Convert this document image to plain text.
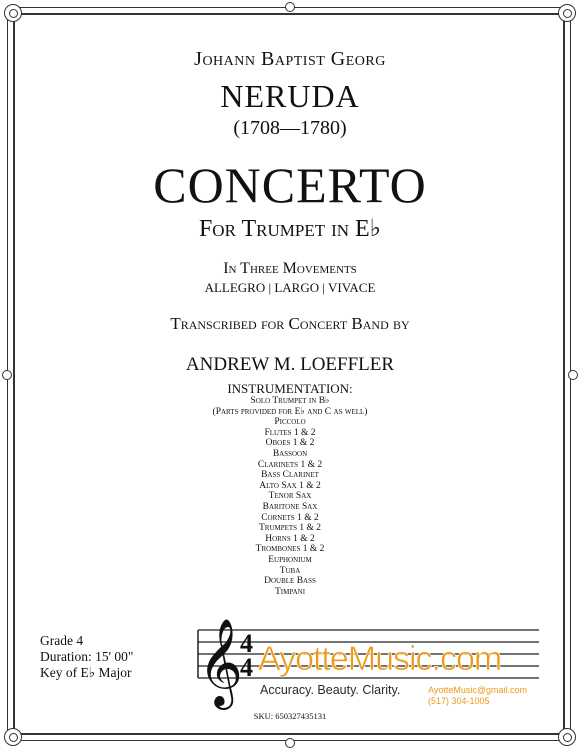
Johann Baptist Georg
NERUDA
(1708—1780)
CONCERTO
For Trumpet in E♭
In Three Movements
ALLEGRO | LARGO | VIVACE
Transcribed for Concert Band by
ANDREW M. LOEFFLER
INSTRUMENTATION:
Solo Trumpet in B♭
(Parts provided for E♭ and C as well)
Piccolo
Flutes 1 & 2
Oboes 1 & 2
Bassoon
Clarinets 1 & 2
Bass Clarinet
Alto Sax 1 & 2
Tenor Sax
Baritone Sax
Cornets 1 & 2
Trumpets 1 & 2
Horns 1 & 2
Trombones 1 & 2
Euphonium
Tuba
Double Bass
Timpani
Grade 4
Duration: 15' 00"
Key of E♭ Major 𝄞
4
4 AyotteMusic.com
Accuracy. Beauty. Clarity.	AyotteMusic@gmail.com
(517) 304-1005
SKU: 650327435131
